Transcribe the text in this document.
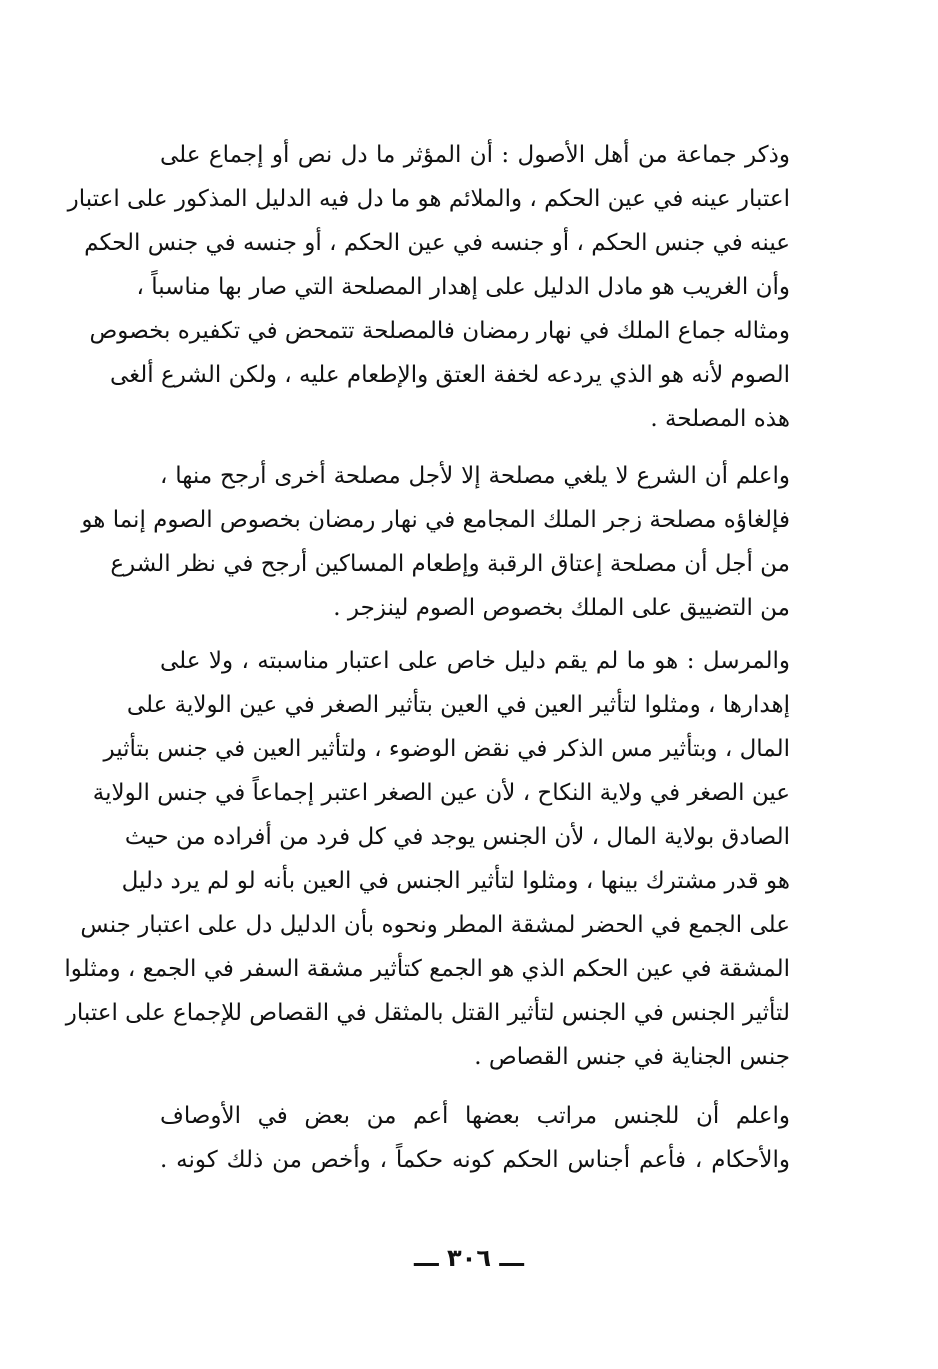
وذكر جماعة من أهل الأصول : أن المؤثر ما دل نص أو إجماع على
اعتبار عينه في عين الحكم ، والملائم هو ما دل فيه الدليل المذكور على اعتبار
عينه في جنس الحكم ، أو جنسه في عين الحكم ، أو جنسه في جنس الحكم
وأن الغريب هو مادل الدليل على إهدار المصلحة التي صار بها مناسباً ،
ومثاله جماع الملك في نهار رمضان فالمصلحة تتمحض في تكفيره بخصوص
الصوم لأنه هو الذي يردعه لخفة العتق والإطعام عليه ، ولكن الشرع ألغى
هذه المصلحة .
واعلم أن الشرع لا يلغي مصلحة إلا لأجل مصلحة أخرى أرجح منها ،
فإلغاؤه مصلحة زجر الملك المجامع في نهار رمضان بخصوص الصوم إنما هو
من أجل أن مصلحة إعتاق الرقبة وإطعام المساكين أرجح في نظر الشرع
من التضييق على الملك بخصوص الصوم لينزجر .
والمرسل : هو ما لم يقم دليل خاص على اعتبار مناسبته ، ولا على
إهدارها ، ومثلوا لتأثير العين في العين بتأثير الصغر في عين الولاية على
المال ، وبتأثير مس الذكر في نقض الوضوء ، ولتأثير العين في جنس بتأثير
عين الصغر في ولاية النكاح ، لأن عين الصغر اعتبر إجماعاً في جنس الولاية
الصادق بولاية المال ، لأن الجنس يوجد في كل فرد من أفراده من حيث
هو قدر مشترك بينها ، ومثلوا لتأثير الجنس في العين بأنه لو لم يرد دليل
على الجمع في الحضر لمشقة المطر ونحوه بأن الدليل دل على اعتبار جنس
المشقة في عين الحكم الذي هو الجمع كتأثير مشقة السفر في الجمع ، ومثلوا
لتأثير الجنس في الجنس لتأثير القتل بالمثقل في القصاص للإجماع على اعتبار
جنس الجناية في جنس القصاص .
واعلم أن للجنس مراتب بعضها أعم من بعض في الأوصاف
والأحكام ، فأعم أجناس الحكم كونه حكماً ، وأخص من ذلك كونه .
ـــ ٣٠٦ ـــ
